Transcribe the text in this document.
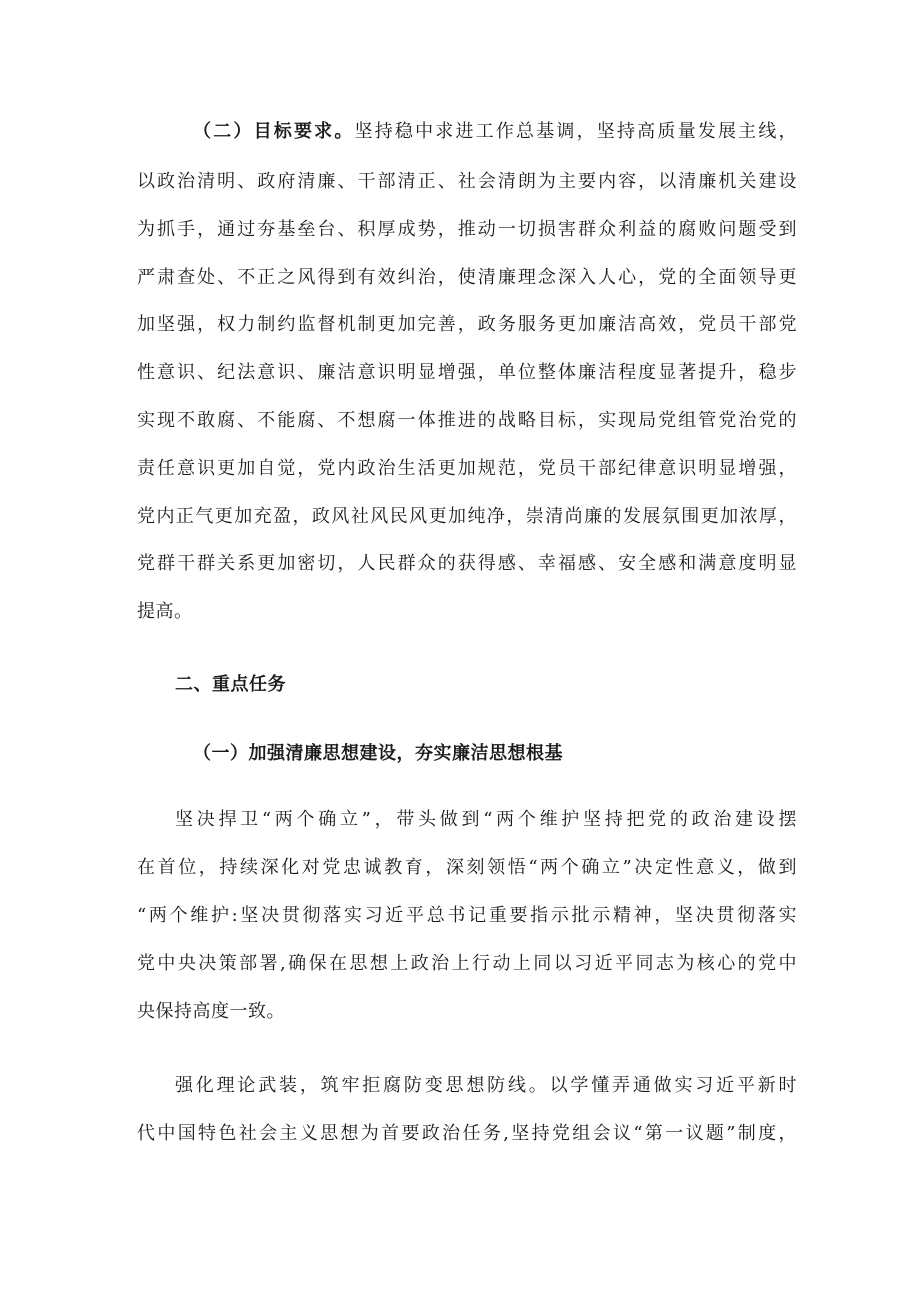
（二）目标要求。坚持稳中求进工作总基调，坚持高质量发展主线，
以政治清明、政府清廉、干部清正、社会清朗为主要内容，以清廉机关建设
为抓手，通过夯基垒台、积厚成势，推动一切损害群众利益的腐败问题受到
严肃查处、不正之风得到有效纠治，使清廉理念深入人心，党的全面领导更
加坚强，权力制约监督机制更加完善，政务服务更加廉洁高效，党员干部党
性意识、纪法意识、廉洁意识明显增强，单位整体廉洁程度显著提升，稳步
实现不敢腐、不能腐、不想腐一体推进的战略目标，实现局党组管党治党的
责任意识更加自觉，党内政治生活更加规范，党员干部纪律意识明显增强，
党内正气更加充盈，政风社风民风更加纯净，崇清尚廉的发展氛围更加浓厚，
党群干群关系更加密切，人民群众的获得感、幸福感、安全感和满意度明显
提高。
二、重点任务
（一）加强清廉思想建设，夯实廉洁思想根基
坚决捍卫“两个确立”，带头做到“两个维护坚持把党的政治建设摆
在首位，持续深化对党忠诚教育，深刻领悟“两个确立”决定性意义，做到
“两个维护:坚决贯彻落实习近平总书记重要指示批示精神，坚决贯彻落实
党中央决策部署,确保在思想上政治上行动上同以习近平同志为核心的党中
央保持高度一致。
强化理论武装，筑牢拒腐防变思想防线。以学懂弄通做实习近平新时
代中国特色社会主义思想为首要政治任务,坚持党组会议“第一议题”制度，
